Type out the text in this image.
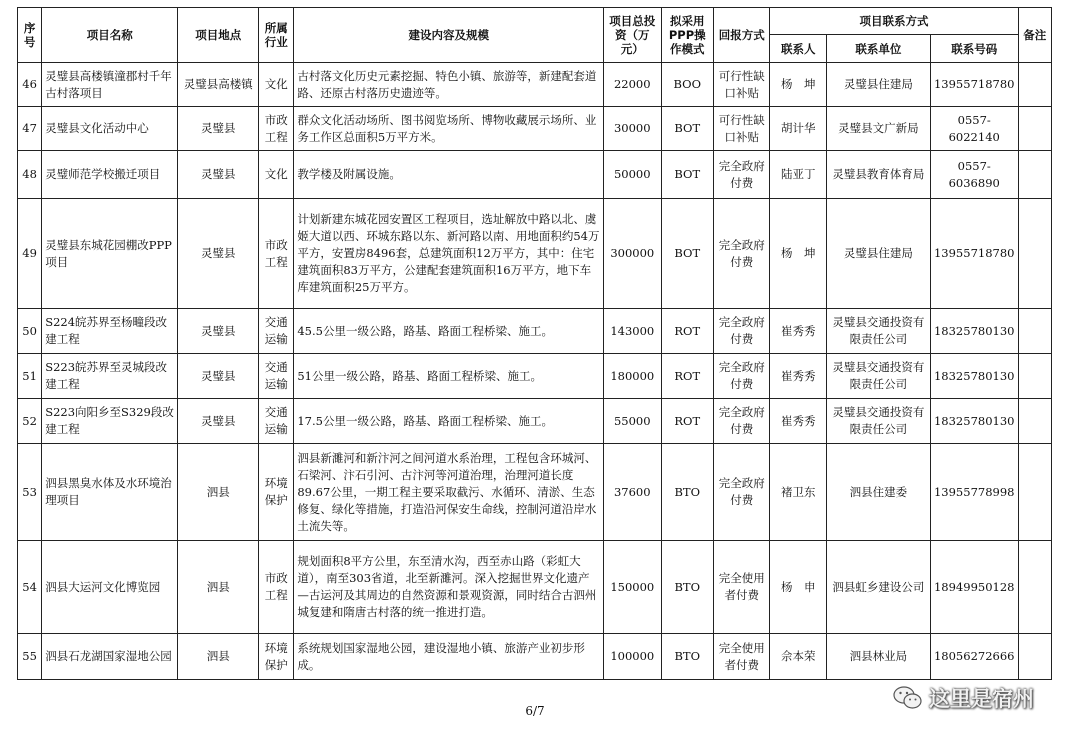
序号	项目名称	项目地点	所属行业	建设内容及规模	项目总投资（万元）	拟采用PPP操作模式	回报方式	项目联系方式			备注
								联系人	联系单位	联系号码	
46	灵璧县高楼镇潼郡村千年古村落项目	灵璧县高楼镇	文化	古村落文化历史元素挖掘、特色小镇、旅游等，新建配套道路、还原古村落历史遗迹等。	22000	BOO	可行性缺口补贴	杨　坤	灵璧县住建局	13955718780	
47	灵璧县文化活动中心	灵璧县	市政工程	群众文化活动场所、图书阅览场所、博物收藏展示场所、业务工作区总面积5万平方米。	30000	BOT	可行性缺口补贴	胡计华	灵璧县文广新局	0557-6022140	
48	灵璧师范学校搬迁项目	灵璧县	文化	教学楼及附属设施。	50000	BOT	完全政府付费	陆亚丁	灵璧县教育体育局	0557-6036890	
49	灵璧县东城花园棚改PPP项目	灵璧县	市政工程	计划新建东城花园安置区工程项目，选址解放中路以北、虞姬大道以西、环城东路以东、新河路以南、用地面积约54万平方，安置房8496套，总建筑面积12万平方，其中：住宅建筑面积83万平方，公建配套建筑面积16万平方，地下车库建筑面积25万平方。	300000	BOT	完全政府付费	杨　坤	灵璧县住建局	13955718780	
50	S224皖苏界至杨疃段改建工程	灵璧县	交通运输	45.5公里一级公路，路基、路面工程桥梁、施工。	143000	ROT	完全政府付费	崔秀秀	灵璧县交通投资有限责任公司	18325780130	
51	S223皖苏界至灵城段改建工程	灵璧县	交通运输	51公里一级公路，路基、路面工程桥梁、施工。	180000	ROT	完全政府付费	崔秀秀	灵璧县交通投资有限责任公司	18325780130	
52	S223向阳乡至S329段改建工程	灵璧县	交通运输	17.5公里一级公路，路基、路面工程桥梁、施工。	55000	ROT	完全政府付费	崔秀秀	灵璧县交通投资有限责任公司	18325780130	
53	泗县黑臭水体及水环境治理项目	泗县	环境保护	泗县新濉河和新汴河之间河道水系治理，工程包含环城河、石梁河、汴石引河、古汴河等河道治理，治理河道长度89.67公里，一期工程主要采取截污、水循环、清淤、生态修复、绿化等措施，打造沿河保安生命线，控制河道沿岸水土流失等。	37600	BTO	完全政府付费	褚卫东	泗县住建委	13955778998	
54	泗县大运河文化博览园	泗县	市政工程	规划面积8平方公里，东至清水沟，西至赤山路（彩虹大道），南至303省道，北至新濉河。深入挖掘世界文化遗产—古运河及其周边的自然资源和景观资源，同时结合古泗州城复建和隋唐古村落的统一推进打造。	150000	BTO	完全使用者付费	杨　申	泗县虹乡建设公司	18949950128	
55	泗县石龙湖国家湿地公园	泗县	环境保护	系统规划国家湿地公园，建设湿地小镇、旅游产业初步形成。	100000	BTO	完全使用者付费	佘本荣	泗县林业局	18056272666	
6/7	这里是宿州
